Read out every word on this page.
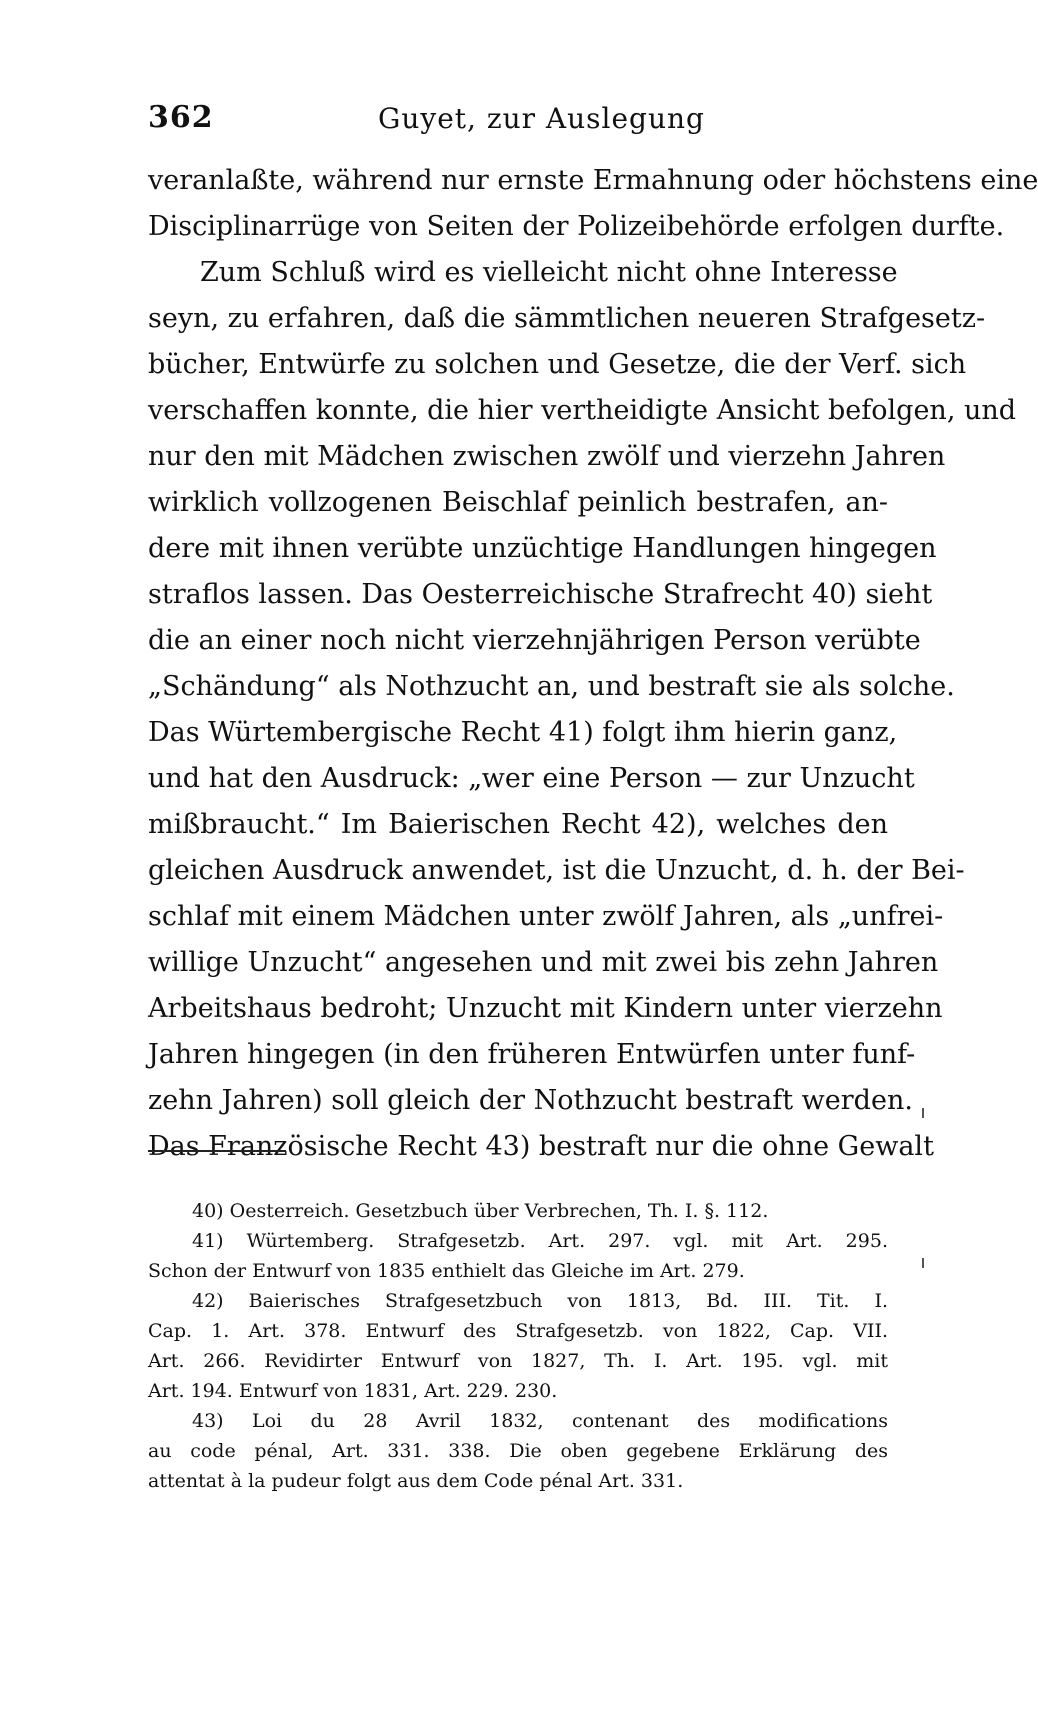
362	Guyet, zur Auslegung
veranlaßte, während nur ernste Ermahnung oder höchstens eine
Disciplinarrüge von Seiten der Polizeibehörde erfolgen durfte.
Zum Schluß wird es vielleicht nicht ohne Interesse
seyn, zu erfahren, daß die sämmtlichen neueren Strafgesetz-
bücher, Entwürfe zu solchen und Gesetze, die der Verf. sich
verschaffen konnte, die hier vertheidigte Ansicht befolgen, und
nur den mit Mädchen zwischen zwölf und vierzehn Jahren
wirklich vollzogenen Beischlaf peinlich bestrafen, an-
dere mit ihnen verübte unzüchtige Handlungen hingegen
straflos lassen. Das Oesterreichische Strafrecht 40) sieht
die an einer noch nicht vierzehnjährigen Person verübte
„Schändung“ als Nothzucht an, und bestraft sie als solche.
Das Würtembergische Recht 41) folgt ihm hierin ganz,
und hat den Ausdruck: „wer eine Person — zur Unzucht
mißbraucht.“ Im Baierischen Recht 42), welches den
gleichen Ausdruck anwendet, ist die Unzucht, d. h. der Bei-
schlaf mit einem Mädchen unter zwölf Jahren, als „unfrei-
willige Unzucht“ angesehen und mit zwei bis zehn Jahren
Arbeitshaus bedroht; Unzucht mit Kindern unter vierzehn
Jahren hingegen (in den früheren Entwürfen unter funf-
zehn Jahren) soll gleich der Nothzucht bestraft werden.
Das Französische Recht 43) bestraft nur die ohne Gewalt
40) Oesterreich. Gesetzbuch über Verbrechen, Th. I. §. 112.
41) Würtemberg. Strafgesetzb. Art. 297. vgl. mit Art. 295.
Schon der Entwurf von 1835 enthielt das Gleiche im Art. 279.
42) Baierisches Strafgesetzbuch von 1813, Bd. III. Tit. I.
Cap. 1. Art. 378. Entwurf des Strafgesetzb. von 1822, Cap. VII.
Art. 266. Revidirter Entwurf von 1827, Th. I. Art. 195. vgl. mit
Art. 194. Entwurf von 1831, Art. 229. 230.
43) Loi du 28 Avril 1832, contenant des modifications
au code pénal, Art. 331. 338. Die oben gegebene Erklärung des
attentat à la pudeur folgt aus dem Code pénal Art. 331.
